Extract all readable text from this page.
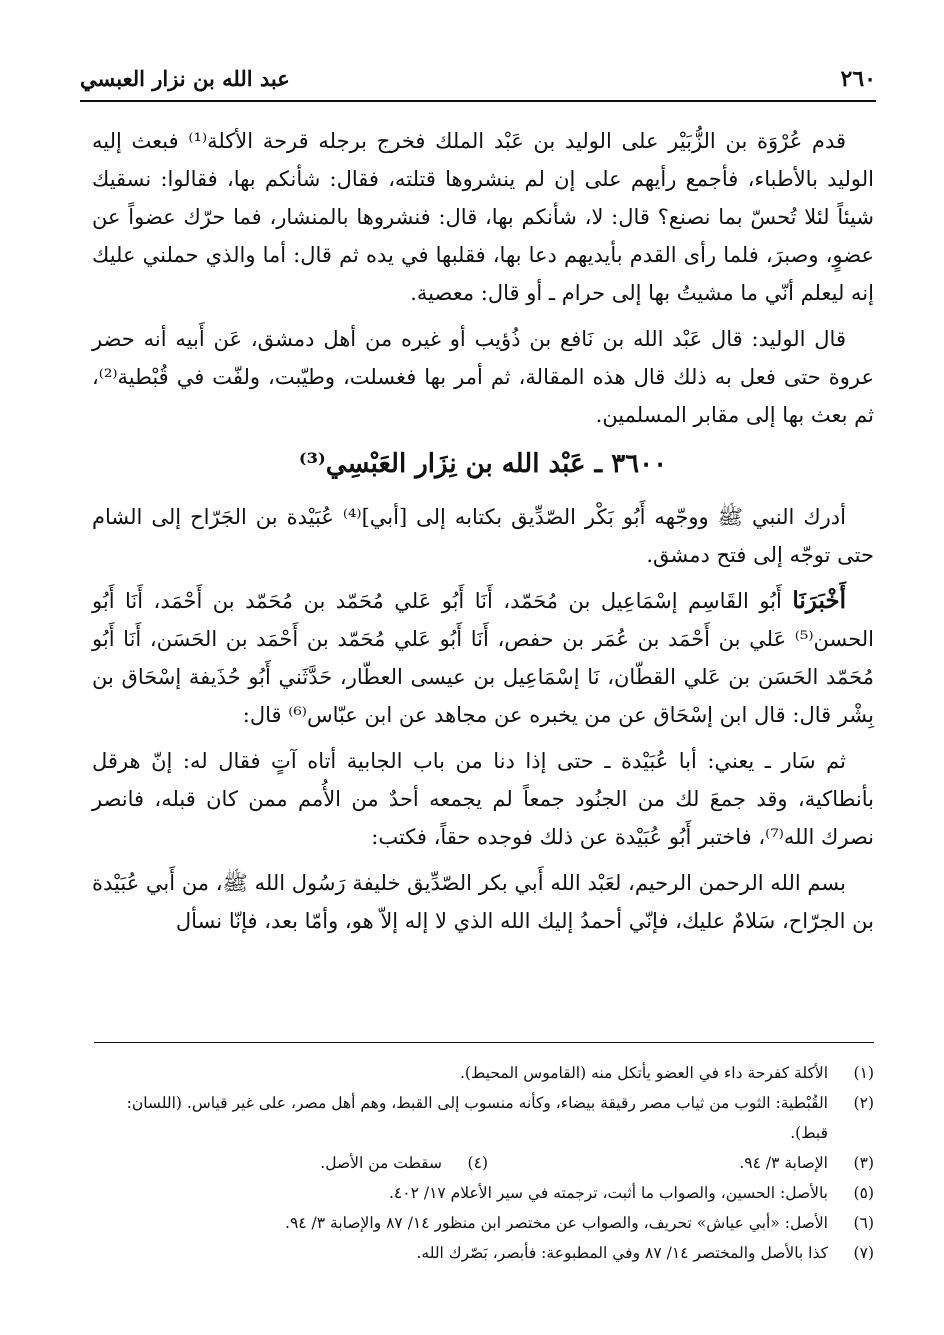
٢٦٠
عبد الله بن نزار العبسي

قدم عُرْوَة بن الزُّبَيْر على الوليد بن عَبْد الملك فخرج برجله قرحة الأكلة⁽¹⁾ فبعث إليه الوليد بالأطباء، فأجمع رأيهم على إن لم ينشروها قتلته، فقال: شأنكم بها، فقالوا: نسقيك شيئاً لئلا تُحسّ بما نصنع؟ قال: لا، شأنكم بها، قال: فنشروها بالمنشار، فما حرّك عضواً عن عضوٍ، وصبرَ، فلما رأى القدم بأيديهم دعا بها، فقلبها في يده ثم قال: أما والذي حملني عليك إنه ليعلم أنّي ما مشيتُ بها إلى حرام ـ أو قال: معصية.

قال الوليد: قال عَبْد الله بن نَافع بن ذُؤيب أو غيره من أهل دمشق، عَن أَبيه أنه حضر عروة حتى فعل به ذلك قال هذه المقالة، ثم أمر بها فغسلت، وطيّبت، ولفّت في قُبْطية⁽²⁾، ثم بعث بها إلى مقابر المسلمين.

٣٦٠٠ ـ عَبْد الله بن نِزَار العَبْسِي⁽³⁾

أدرك النبي ﷺ ووجّهه أَبُو بَكْر الصّدِّيق بكتابه إلى [أبي]⁽⁴⁾ عُبَيْدة بن الجَرّاح إلى الشام حتى توجّه إلى فتح دمشق.

أَخْبَرَنَا أَبُو القَاسِم إسْمَاعِيل بن مُحَمّد، أَنَا أَبُو عَلي مُحَمّد بن مُحَمّد بن أَحْمَد، أَنَا أَبُو الحسن⁽⁵⁾ عَلي بن أَحْمَد بن عُمَر بن حفص، أَنَا أَبُو عَلي مُحَمّد بن أَحْمَد بن الحَسَن، أَنَا أَبُو مُحَمّد الحَسَن بن عَلي القطّان، نَا إسْمَاعِيل بن عيسى العطّار، حَدَّثَني أَبُو حُذَيفة إسْحَاق بن بِشْر قال: قال ابن إسْحَاق عن من يخبره عن مجاهد عن ابن عبّاس⁽⁶⁾ قال:

ثم سَار ـ يعني: أبا عُبَيْدة ـ حتى إذا دنا من باب الجابية أتاه آتٍ فقال له: إنّ هرقل بأنطاكية، وقد جمعَ لك من الجنُود جمعاً لم يجمعه أحدٌ من الأُمم ممن كان قبله، فانصر نصرك الله⁽⁷⁾، فاختبر أَبُو عُبَيْدة عن ذلك فوجده حقاً، فكتب:

بسم الله الرحمن الرحيم، لعَبْد الله أَبي بكر الصّدِّيق خليفة رَسُول الله ﷺ، من أَبي عُبَيْدة بن الجرّاح، سَلامٌ عليك، فإنّي أحمدُ إليك الله الذي لا إله إلاّ هو، وأمّا بعد، فإنّا نسأل

(١)
الأكلة كفرحة داء في العضو يأتكل منه (القاموس المحيط).
(٢)
القُبْطية: الثوب من ثياب مصر رقيقة بيضاء، وكأنه منسوب إلى القبط، وهم أهل مصر، على غير قياس. (اللسان: قبط).
(٣)
الإصابة ٣/ ٩٤.
(٤)
سقطت من الأصل.
(٥)
بالأصل: الحسين، والصواب ما أثبت، ترجمته في سير الأعلام ١٧/ ٤٠٢.
(٦)
الأصل: «أبي عياش» تحريف، والصواب عن مختصر ابن منظور ١٤/ ٨٧ والإصابة ٣/ ٩٤.
(٧)
كذا بالأصل والمختصر ١٤/ ٨٧ وفي المطبوعة: فأبصر، بَصّرك الله.
